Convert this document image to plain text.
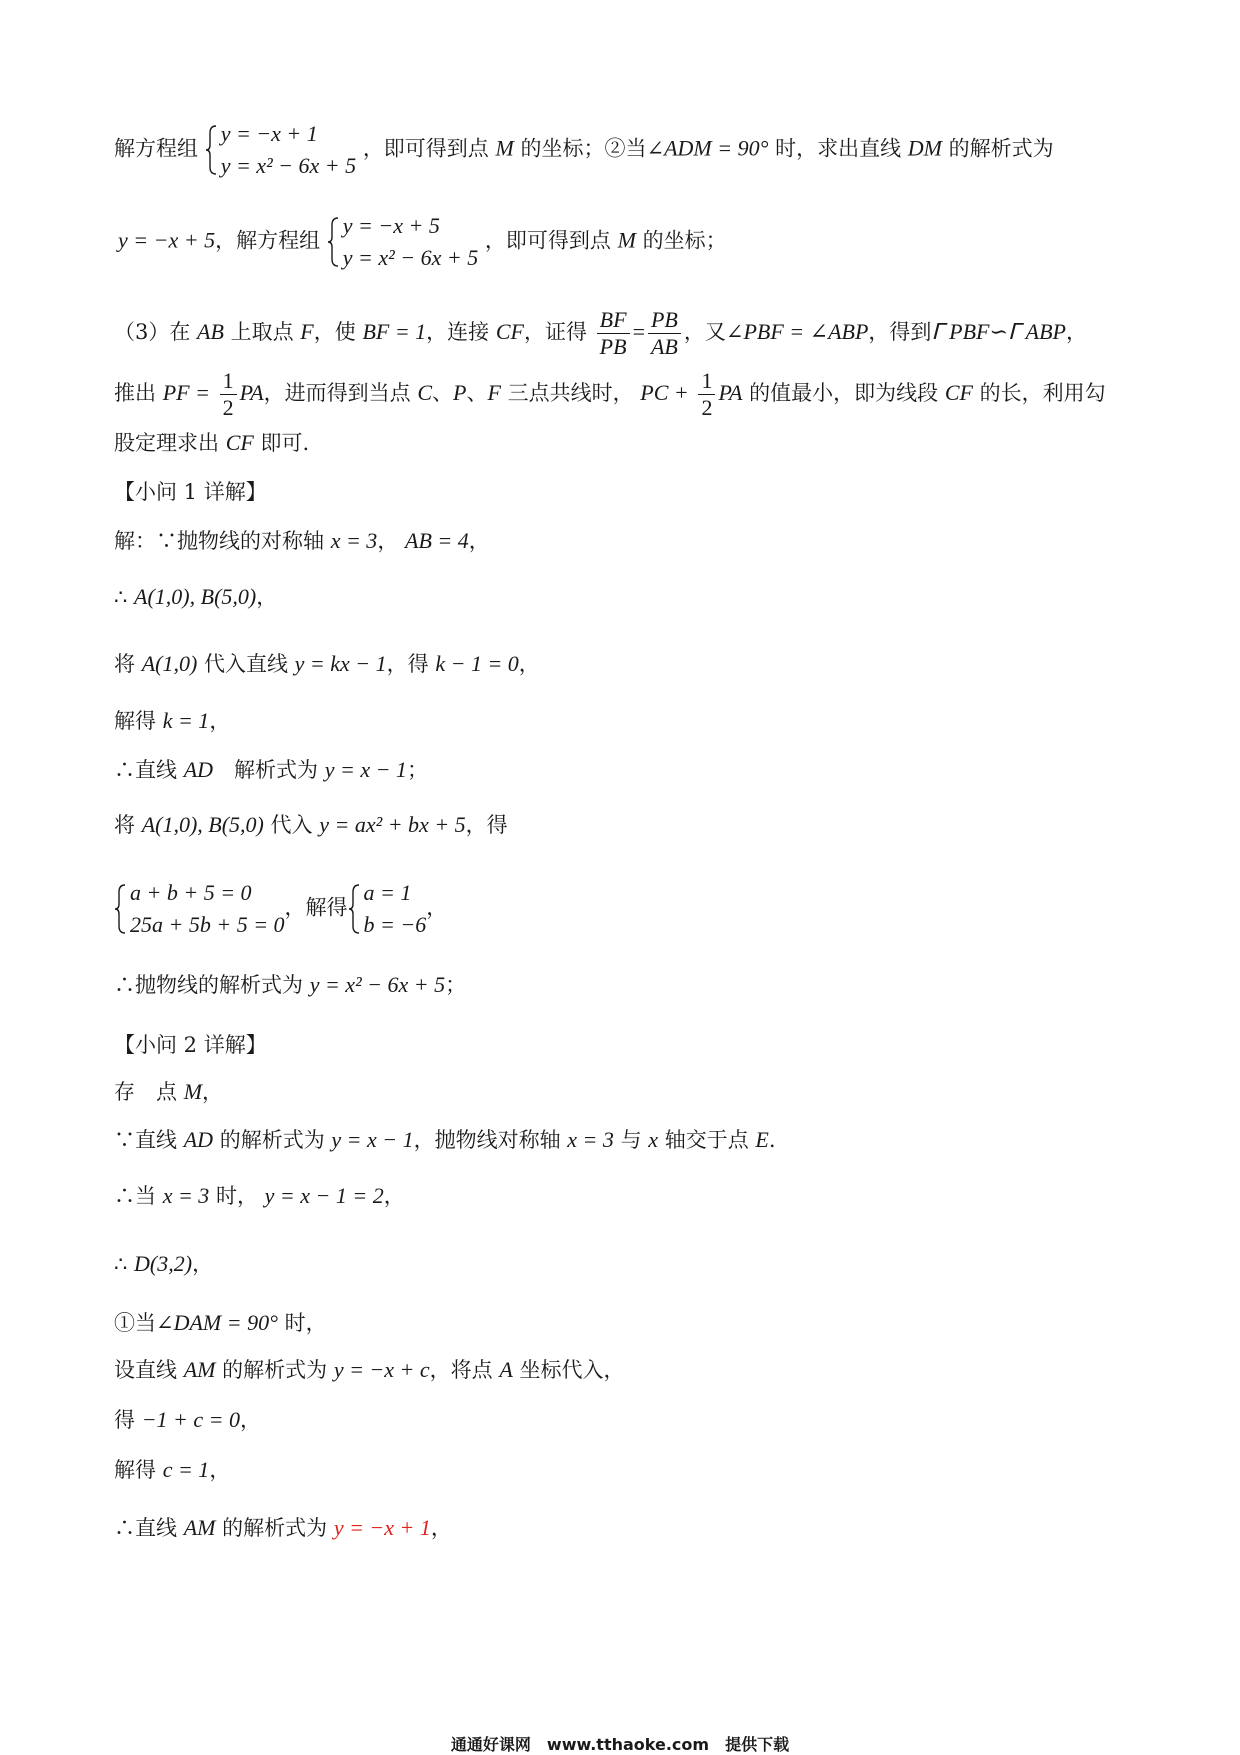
解方程组
y = −x + 1
y = x² − 6x + 5
，即可得到点 M 的坐标；②当∠ADM = 90° 时，求出直线 DM 的解析式为
y = −x + 5，解方程组
y = −x + 5
y = x² − 6x + 5
，即可得到点 M 的坐标；
（3）在 AB 上取点 F，使 BF = 1，连接 CF，证得 $\frac{BF}{PB} = \frac{PB}{AB}$ ，又∠PBF = ∠ABP，得到ᒥ PBF∽ᒥ ABP，
推出 PF = $\frac{1}{2}$ PA，进而得到当点 C、P、F 三点共线时， PC + $\frac{1}{2}$ PA 的值最小，即为线段 CF 的长，利用勾
股定理求出 CF 即可.
【小问 1 详解】
解：∵抛物线的对称轴 x = 3， AB = 4，
∴ A(1,0), B(5,0)，
将 A(1,0) 代入直线 y = kx − 1，得 k − 1 = 0，
解得 k = 1，
∴直线 AD　解析式为 y = x − 1；
将 A(1,0), B(5,0) 代入 y = ax² + bx + 5，得
a + b + 5 = 0
25a + 5b + 5 = 0
，解得
a = 1
b = −6
，
∴抛物线的解析式为 y = x² − 6x + 5；
【小问 2 详解】
存　点 M，
∵直线 AD 的解析式为 y = x − 1，抛物线对称轴 x = 3 与 x 轴交于点 E.
∴当 x = 3 时， y = x − 1 = 2，
∴ D(3,2)，
①当∠DAM = 90° 时，
设直线 AM 的解析式为 y = −x + c，将点 A 坐标代入，
得 −1 + c = 0，
解得 c = 1，
∴直线 AM 的解析式为 y = −x + 1，
通通好课网　www.tthaoke.com　提供下载
